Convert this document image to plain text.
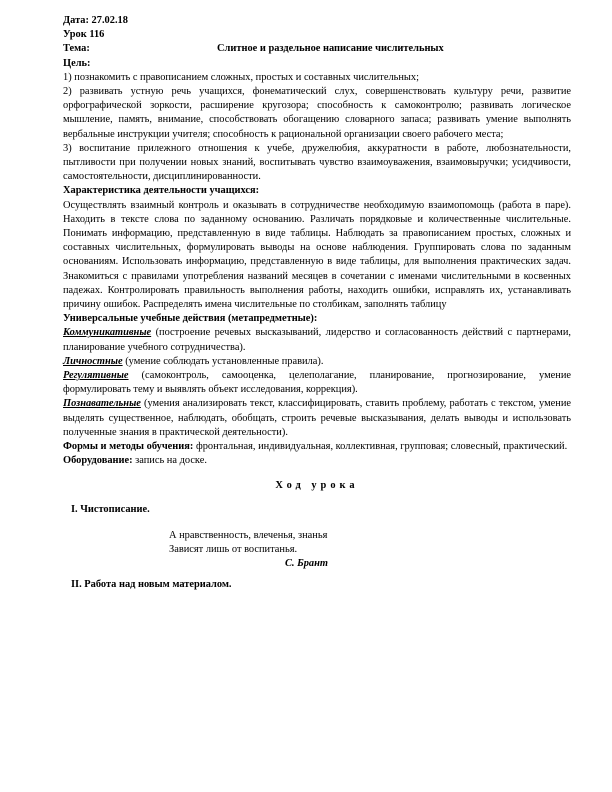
Дата: 27.02.18

Урок 116

Тема:	Слитное и раздельное написание числительных

Цель:

1) познакомить с правописанием сложных, простых и составных числительных;

2) развивать устную речь учащихся, фонематический слух, совершенствовать культуру речи, развитие орфографической зоркости, расширение кругозора; способность к самоконтролю; развивать логическое мышление, память, внимание, способствовать обогащению словарного запаса; развивать умение выполнять вербальные инструкции учителя; способность к рациональной организации своего рабочего места;

3) воспитание прилежного отношения к учебе, дружелюбия, аккуратности в работе, любознательности, пытливости при получении новых знаний, воспитывать чувство взаимоуважения, взаимовыручки; усидчивости, самостоятельности, дисциплинированности.

Характеристика деятельности учащихся:

Осуществлять взаимный контроль и оказывать в сотрудничестве необходимую взаимопомощь (работа в паре). Находить в тексте слова по заданному основанию. Различать порядковые и количественные числительные. Понимать информацию, представленную в виде таблицы. Наблюдать за правописанием простых, сложных и составных числительных, формулировать выводы на основе наблюдения. Группировать слова по заданным основаниям. Использовать информацию, представленную в виде таблицы, для выполнения практических задач. Знакомиться с правилами употребления названий месяцев в сочетании с именами числительными в косвенных падежах. Контролировать правильность выполнения работы, находить ошибки, исправлять их, устанавливать причину ошибок. Распределять имена числительные по столбикам, заполнять таблицу

Универсальные учебные действия (метапредметные):

Коммуникативные (построение речевых высказываний, лидерство и согласованность действий с партнерами, планирование учебного сотрудничества).

Личностные (умение соблюдать установленные правила).

Регулятивные (самоконтроль, самооценка, целеполагание, планирование, прогнозирование, умение формулировать тему и выявлять объект исследования, коррекция).

Познавательные (умения анализировать текст, классифицировать, ставить проблему, работать с текстом, умение выделять существенное, наблюдать, обобщать, строить речевые высказывания, делать выводы и использовать полученные знания в практической деятельности).

Формы и методы обучения: фронтальная, индивидуальная, коллективная, групповая; словесный, практический.

Оборудование: запись на доске.

Ход урока

I. Чистописание.

А нравственность, влеченья, знанья

Зависят лишь от воспитанья.

С. Брант

II. Работа над новым материалом.
